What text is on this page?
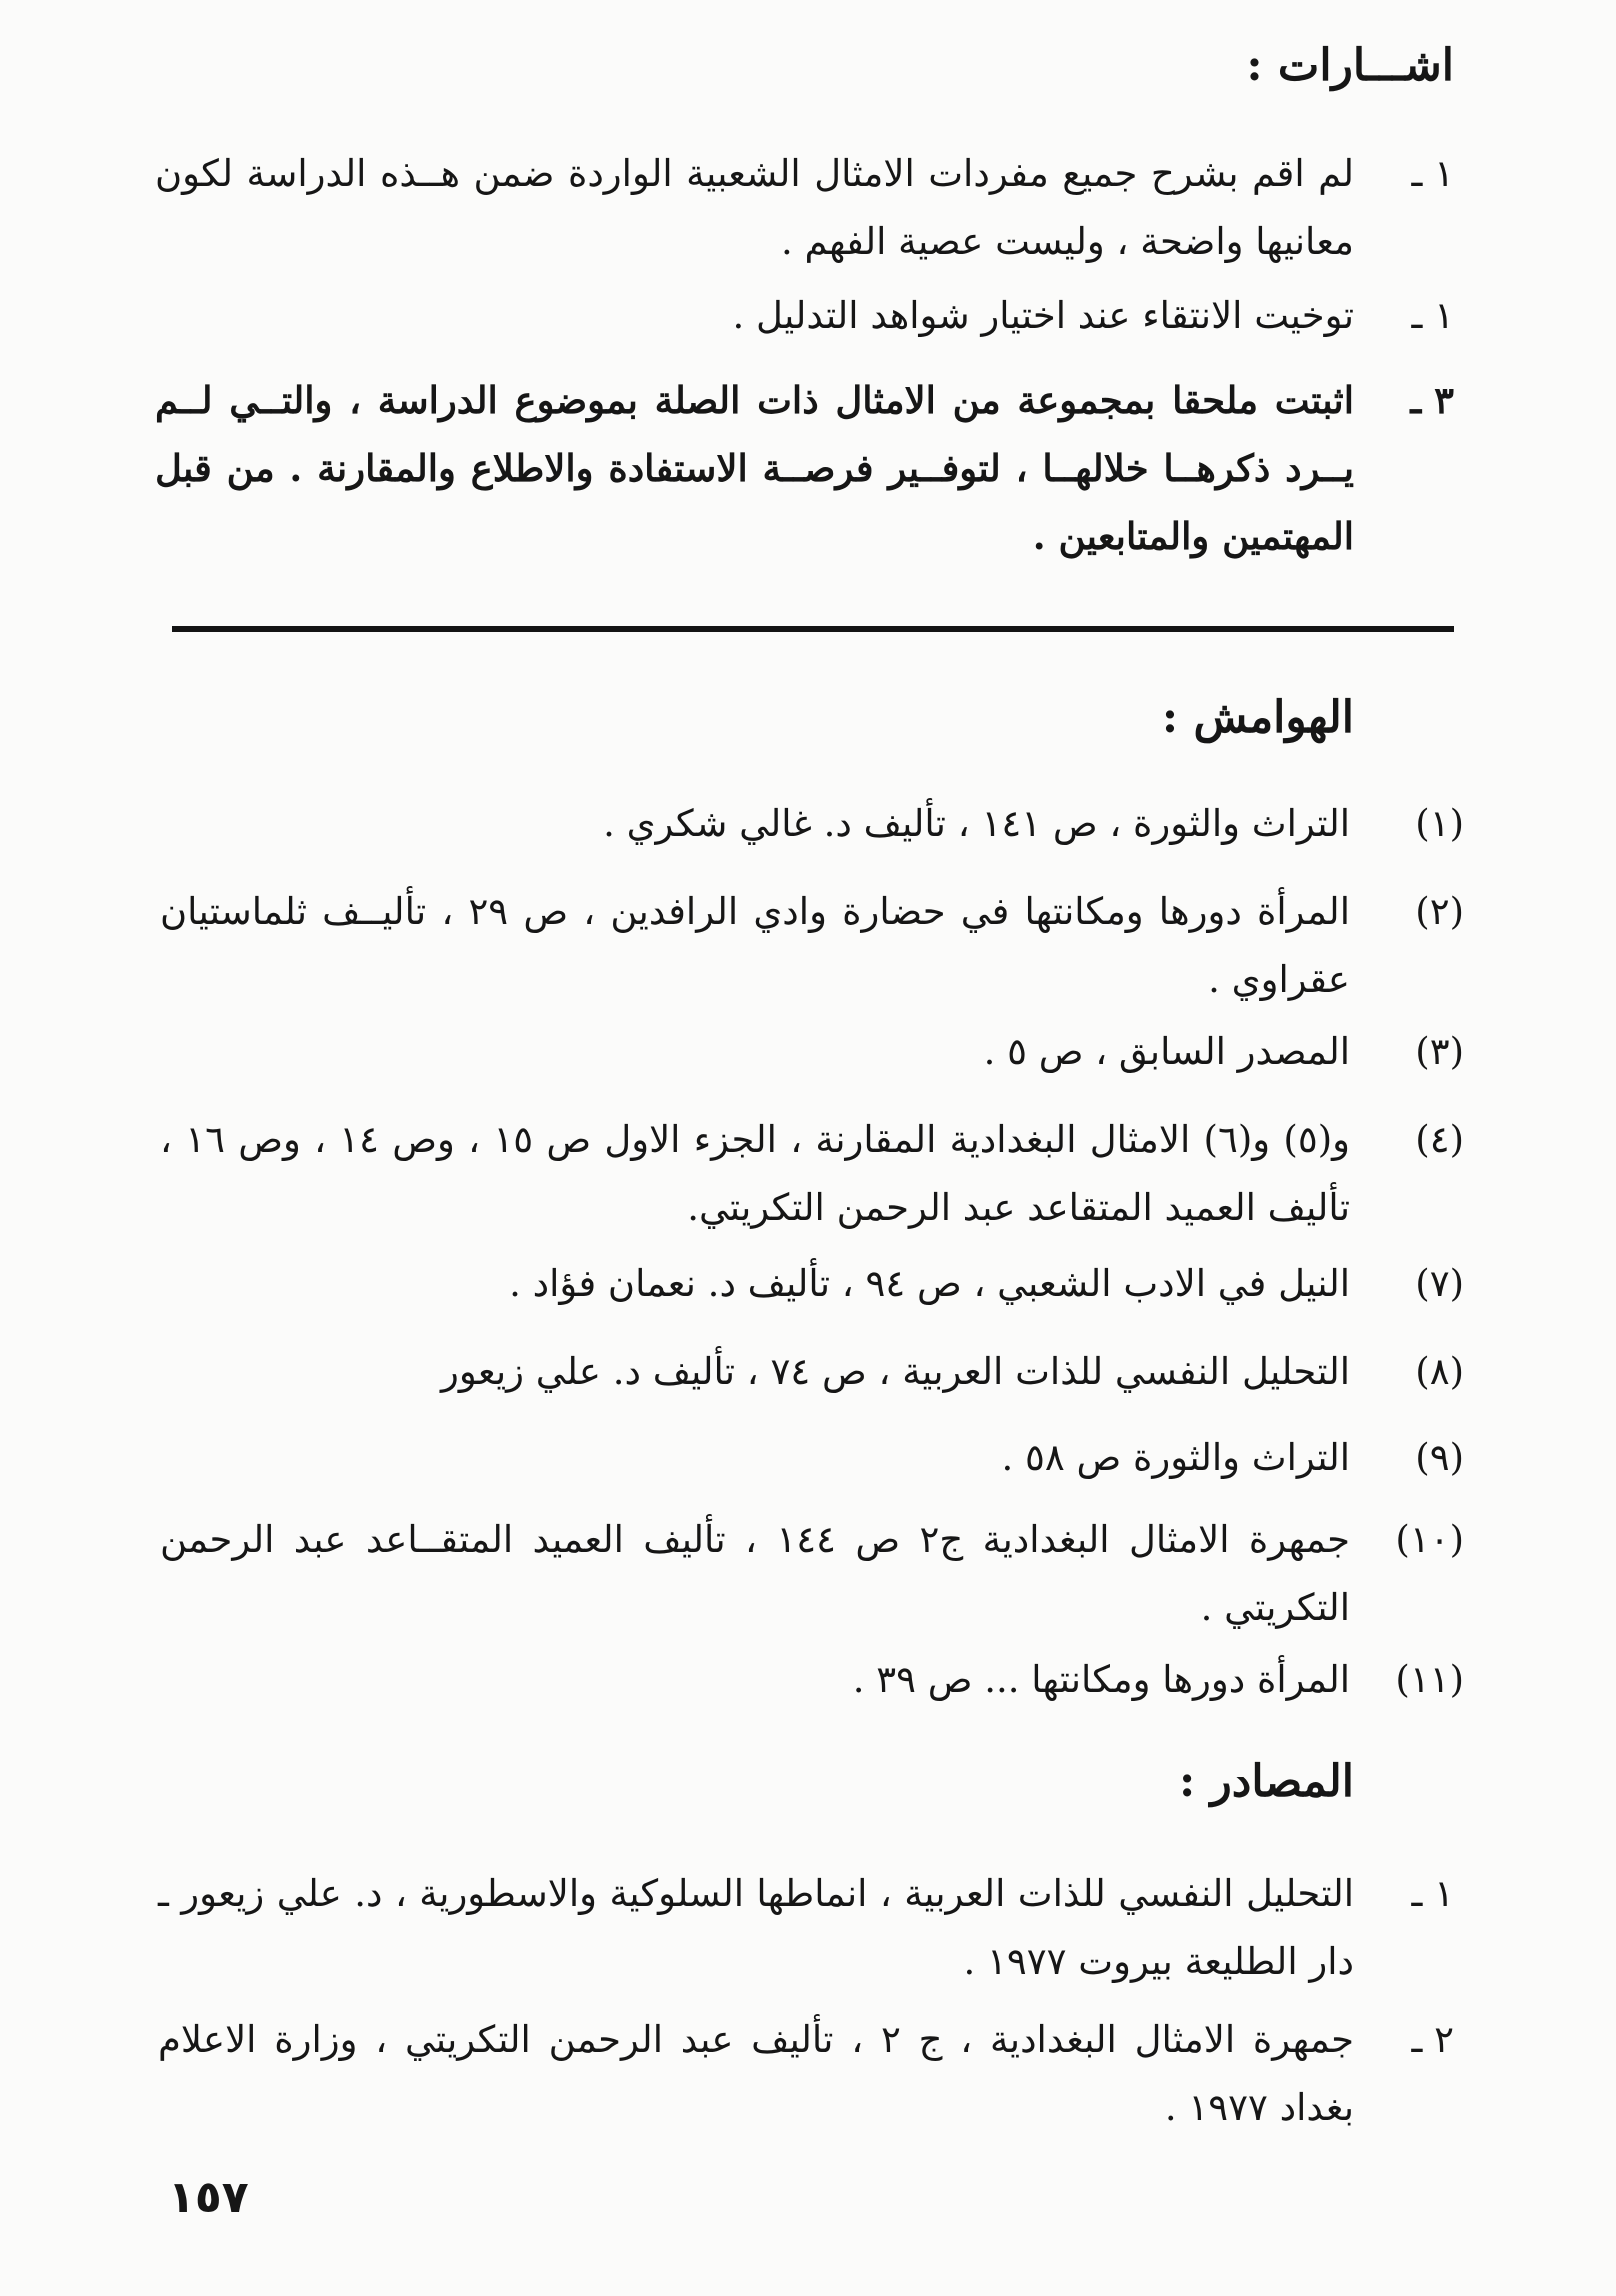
اشـــارات :
١ ـ
لم اقم بشرح جميع مفردات الامثال الشعبية الواردة ضمن هــذه الدراسة لكون معانيها واضحة ، وليست عصية الفهم .
١ ـ
توخيت الانتقاء عند اختيار شواهد التدليل .
٣ ـ
اثبتت ملحقا بمجموعة من الامثال ذات الصلة بموضوع الدراسة ، والتــي لــم يــرد ذكرهــا خلالهــا ، لتوفــير فرصــة الاستفادة والاطلاع والمقارنة . من قبل المهتمين والمتابعين .
الهوامش :
(١)
التراث والثورة ، ص ١٤١ ، تأليف د. غالي شكري .
(٢)
المرأة دورها ومكانتها في حضارة وادي الرافدين ، ص ٢٩ ، تأليــف ثلماستيان عقراوي .
(٣)
المصدر السابق ، ص ٥ .
(٤)
و(٥) و(٦) الامثال البغدادية المقارنة ، الجزء الاول ص ١٥ ، وص ١٤ ، وص ١٦ ، تأليف العميد المتقاعد عبد الرحمن التكريتي.
(٧)
النيل في الادب الشعبي ، ص ٩٤ ، تأليف د. نعمان فؤاد .
(٨)
التحليل النفسي للذات العربية ، ص ٧٤ ، تأليف د. علي زيعور
(٩)
التراث والثورة ص ٥٨ .
(١٠)
جمهرة الامثال البغدادية ج٢ ص ١٤٤ ، تأليف العميد المتقــاعد عبد الرحمن التكريتي .
(١١)
المرأة دورها ومكانتها ... ص ٣٩ .
المصادر :
١ ـ
التحليل النفسي للذات العربية ، انماطها السلوكية والاسطورية ، د. علي زيعور ـ دار الطليعة بيروت ١٩٧٧ .
٢ ـ
جمهرة الامثال البغدادية ، ج ٢ ، تأليف عبد الرحمن التكريتي ، وزارة الاعلام بغداد ١٩٧٧ .
١٥٧
